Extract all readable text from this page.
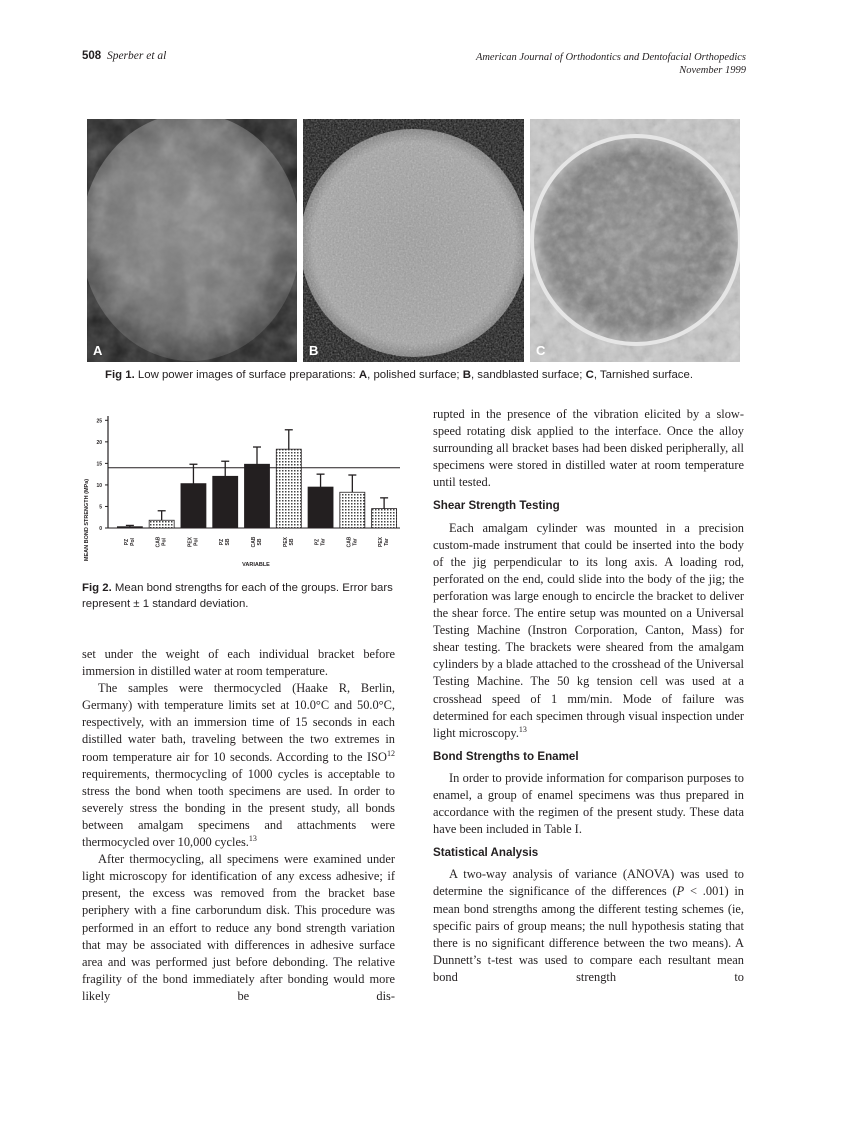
508 Sperber et al	American Journal of Orthodontics and Dentofacial Orthopedics
November 1999
A	B	C
Fig 1. Low power images of surface preparations: A, polished surface; B, sandblasted surface; C, Tarnished surface.
MEAN BOND STRENGTH (MPa)
VARIABLE
0
5
10
15
20
25
PZPol	CABPol	PEXPol	PZSB	CABSB	PEXSB	PZTar	CABTar	PEXTar
Fig 2. Mean bond strengths for each of the groups. Error bars represent ± 1 standard deviation.

set under the weight of each individual bracket before immersion in distilled water at room temperature.

The samples were thermocycled (Haake R, Berlin, Germany) with temperature limits set at 10.0°C and 50.0°C, respectively, with an immersion time of 15 seconds in each distilled water bath, traveling between the two extremes in room temperature air for 10 seconds. According to the ISO$^{12}$ requirements, thermocycling of 1000 cycles is acceptable to stress the bond when tooth specimens are used. In order to severely stress the bonding in the present study, all bonds between amalgam specimens and attachments were thermocycled over 10,000 cycles.$^{13}$

After thermocycling, all specimens were examined under light microscopy for identification of any excess adhesive; if present, the excess was removed from the bracket base periphery with a fine carborundum disk. This procedure was performed in an effort to reduce any bond strength variation that may be associated with differences in adhesive surface area and was performed just before debonding. The relative fragility of the bond immediately after bonding would more likely be dis-

rupted in the presence of the vibration elicited by a slow-speed rotating disk applied to the interface. Once the alloy surrounding all bracket bases had been disked peripherally, all specimens were stored in distilled water at room temperature until tested.

Shear Strength Testing

Each amalgam cylinder was mounted in a precision custom-made instrument that could be inserted into the body of the jig perpendicular to its long axis. A loading rod, perforated on the end, could slide into the body of the jig; the perforation was large enough to encircle the bracket to deliver the shear force. The entire setup was mounted on a Universal Testing Machine (Instron Corporation, Canton, Mass) for shear testing. The brackets were sheared from the amalgam cylinders by a blade attached to the crosshead of the Universal Testing Machine. The 50 kg tension cell was used at a crosshead speed of 1 mm/min. Mode of failure was determined for each specimen through visual inspection under light microscopy.$^{13}$

Bond Strengths to Enamel

In order to provide information for comparison purposes to enamel, a group of enamel specimens was thus prepared in accordance with the regimen of the present study. These data have been included in Table I.

Statistical Analysis

A two-way analysis of variance (ANOVA) was used to determine the significance of the differences (P < .001) in mean bond strengths among the different testing schemes (ie, specific pairs of group means; the null hypothesis stating that there is no significant difference between the two means). A Dunnett’s t-test was used to compare each resultant mean bond strength to
